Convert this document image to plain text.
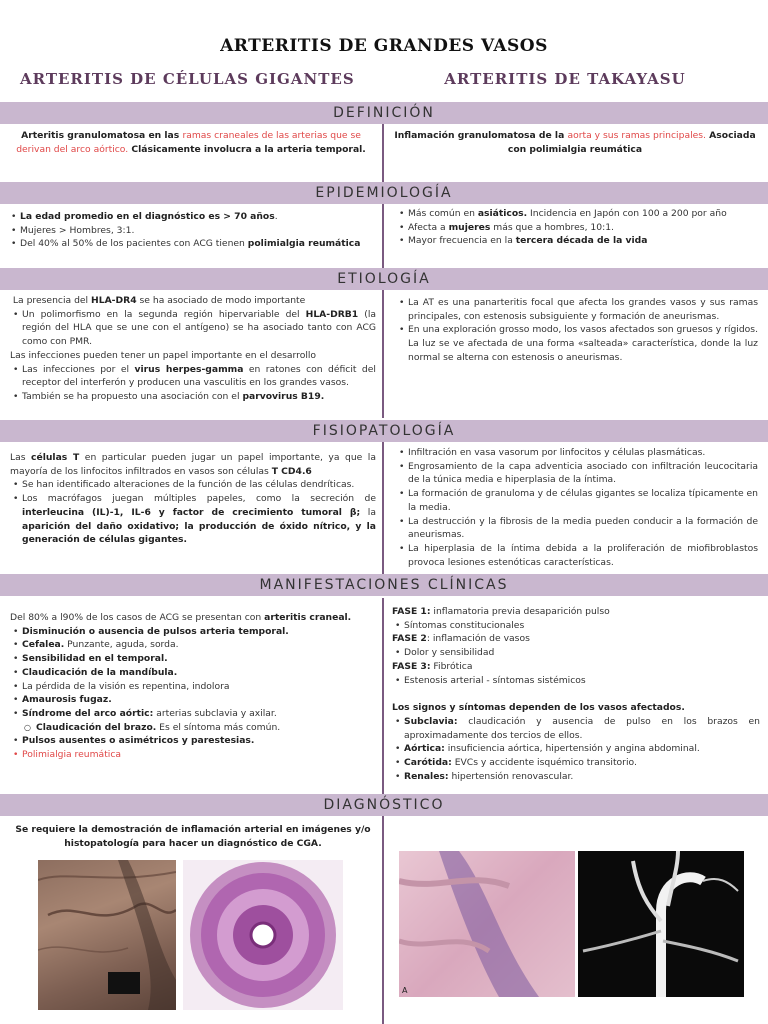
ARTERITIS DE GRANDES VASOS
ARTERITIS DE CÉLULAS GIGANTES	ARTERITIS DE TAKAYASU
DEFINICIÓN

Arteritis granulomatosa en las ramas craneales de las arterias que se derivan del arco aórtico. Clásicamente involucra a la arteria temporal.

Inflamación granulomatosa de la aorta y sus ramas principales. Asociada con polimialgia reumática

EPIDEMIOLOGÍA
• La edad promedio en el diagnóstico es > 70 años.
• Mujeres > Hombres, 3:1.
• Del 40% al 50% de los pacientes con ACG tienen polimialgia reumática
• Más común en asiáticos. Incidencia en Japón con 100 a 200 por año
• Afecta a mujeres más que a hombres, 10:1.
• Mayor frecuencia en la tercera década de la vida
ETIOLOGÍA

La presencia del HLA-DR4 se ha asociado de modo importante

• Un polimorfismo en la segunda región hipervariable del HLA-DRB1 (la región del HLA que se une con el antígeno) se ha asociado tanto con ACG como con PMR.

Las infecciones pueden tener un papel importante en el desarrollo

• Las infecciones por el virus herpes-gamma en ratones con déficit del receptor del interferón y producen una vasculitis en los grandes vasos.
• También se ha propuesto una asociación con el parvovirus B19.
• La AT es una panarteritis focal que afecta los grandes vasos y sus ramas principales, con estenosis subsiguiente y formación de aneurismas.
• En una exploración grosso modo, los vasos afectados son gruesos y rígidos. La luz se ve afectada de una forma «salteada» característica, donde la luz normal se alterna con estenosis o aneurismas.
FISIOPATOLOGÍA

Las células T en particular pueden jugar un papel importante, ya que la mayoría de los linfocitos infiltrados en vasos son células T CD4.6

• Se han identificado alteraciones de la función de las células dendríticas.
• Los macrófagos juegan múltiples papeles, como la secreción de interleucina (IL)-1, IL-6 y factor de crecimiento tumoral β; la aparición del daño oxidativo; la producción de óxido nítrico, y la generación de células gigantes.
• Infiltración en vasa vasorum por linfocitos y células plasmáticas.
• Engrosamiento de la capa adventicia asociado con infiltración leucocitaria de la túnica media e hiperplasia de la íntima.
• La formación de granuloma y de células gigantes se localiza típicamente en la media.
• La destrucción y la fibrosis de la media pueden conducir a la formación de aneurismas.
• La hiperplasia de la íntima debida a la proliferación de miofibroblastos provoca lesiones estenóticas características.
MANIFESTACIONES CLÍNICAS

Del 80% a l90% de los casos de ACG se presentan con arteritis craneal.

• Disminución o ausencia de pulsos arteria temporal.
• Cefalea. Punzante, aguda, sorda.
• Sensibilidad en el temporal.
• Claudicación de la mandíbula.
• La pérdida de la visión es repentina, indolora
• Amaurosis fugaz.
• Síndrome del arco aórtic: arterias subclavia y axilar.
○ Claudicación del brazo. Es el síntoma más común.
• Pulsos ausentes o asimétricos y parestesias.
• Polimialgia reumática

FASE 1: inflamatoria previa desaparición pulso

• Síntomas constitucionales

FASE 2: inflamación de vasos

• Dolor y sensibilidad

FASE 3: Fibrótica

• Estenosis arterial - síntomas sistémicos

Los signos y síntomas dependen de los vasos afectados.

• Subclavia: claudicación y ausencia de pulso en los brazos en aproximadamente dos tercios de ellos.
• Aórtica: insuficiencia aórtica, hipertensión y angina abdominal.
• Carótida: EVCs y accidente isquémico transitorio.
• Renales: hipertensión renovascular.
DIAGNÓSTICO

Se requiere la demostración de inflamación arterial en imágenes y/o histopatología para hacer un diagnóstico de CGA.

A
